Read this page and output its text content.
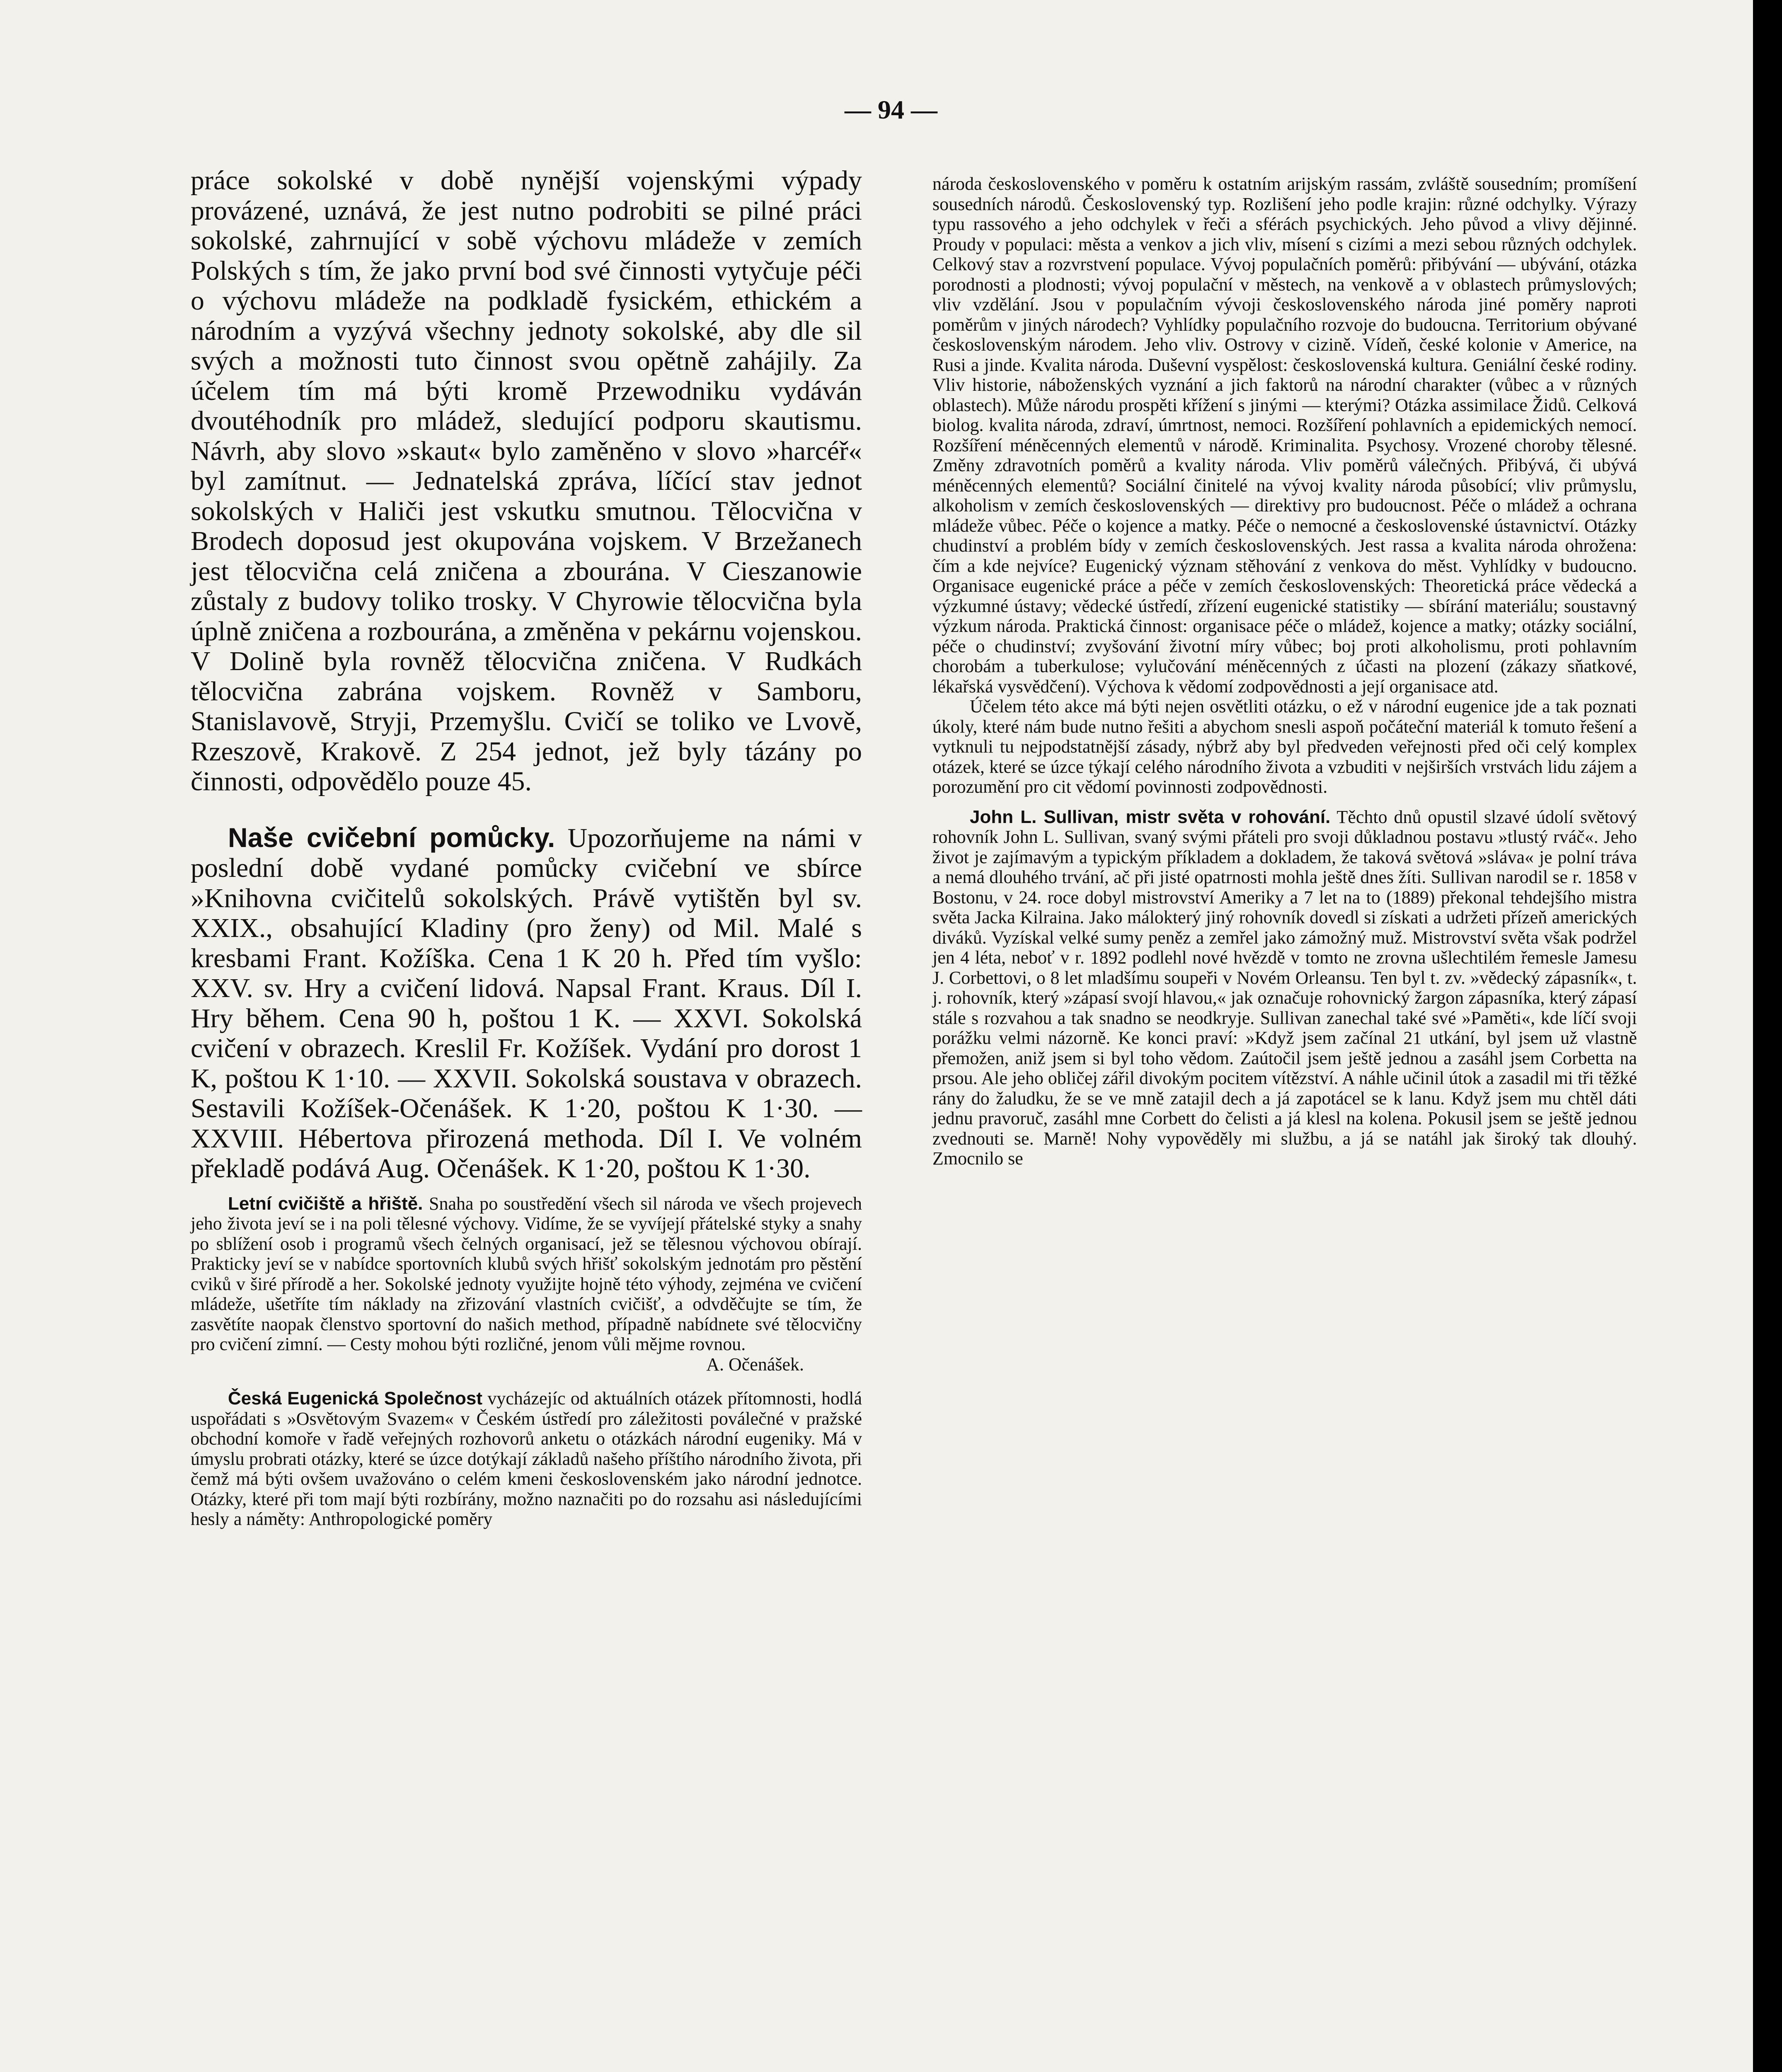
— 94 —

práce sokolské v době nynější vojenskými výpady provázené, uznává, že jest nutno podrobiti se pilné práci sokolské, zahrnující v sobě výchovu mládeže v zemích Polských s tím, že jako první bod své činnosti vytyčuje péči o výchovu mládeže na podkladě fysickém, ethickém a národním a vyzývá všechny jednoty sokolské, aby dle sil svých a možnosti tuto činnost svou opětně zahájily. Za účelem tím má býti kromě Przewodniku vydáván dvoutéhodník pro mládež, sledující podporu skautismu. Návrh, aby slovo »skaut« bylo zaměněno v slovo »harcéř« byl zamítnut. — Jednatelská zpráva, líčící stav jednot sokolských v Haliči jest vskutku smutnou. Tělocvična v Brodech doposud jest okupována vojskem. V Brzežanech jest tělocvična celá zničena a zbourána. V Cieszanowie zůstaly z budovy toliko trosky. V Chyrowie tělocvična byla úplně zničena a rozbourána, a změněna v pekárnu vojenskou. V Dolině byla rovněž tělocvična zničena. V Rudkách tělocvična zabrána vojskem. Rovněž v Samboru, Stanislavově, Stryji, Przemyšlu. Cvičí se toliko ve Lvově, Rzeszově, Krakově. Z 254 jednot, jež byly tázány po činnosti, odpovědělo pouze 45.

Naše cvičební pomůcky. Upozorňujeme na námi v poslední době vydané pomůcky cvičební ve sbírce »Knihovna cvičitelů sokolských. Právě vytištěn byl sv. XXIX., obsahující Kladiny (pro ženy) od Mil. Malé s kresbami Frant. Kožíška. Cena 1 K 20 h. Před tím vyšlo: XXV. sv. Hry a cvičení lidová. Napsal Frant. Kraus. Díl I. Hry během. Cena 90 h, poštou 1 K. — XXVI. Sokolská cvičení v obrazech. Kreslil Fr. Kožíšek. Vydání pro dorost 1 K, poštou K 1·10. — XXVII. Sokolská soustava v obrazech. Sestavili Kožíšek-Očenášek. K 1·20, poštou K 1·30. — XXVIII. Hébertova přirozená methoda. Díl I. Ve volném překladě podává Aug. Očenášek. K 1·20, poštou K 1·30.

Letní cvičiště a hřiště. Snaha po soustředění všech sil národa ve všech projevech jeho života jeví se i na poli tělesné výchovy. Vidíme, že se vyvíjejí přátelské styky a snahy po sblížení osob i programů všech čelných organisací, jež se tělesnou výchovou obírají. Prakticky jeví se v nabídce sportovních klubů svých hřišť sokolským jednotám pro pěstění cviků v širé přírodě a her. Sokolské jednoty využijte hojně této výhody, zejména ve cvičení mládeže, ušetříte tím náklady na zřizování vlastních cvičišť, a odvděčujte se tím, že zasvětíte naopak členstvo sportovní do našich method, případně nabídnete své tělocvičny pro cvičení zimní. — Cesty mohou býti rozličné, jenom vůli mějme rovnou.

A. Očenášek.

Česká Eugenická Společnost vycházejíc od aktuálních otázek přítomnosti, hodlá uspořádati s »Osvětovým Svazem« v Českém ústředí pro záležitosti poválečné v pražské obchodní komoře v řadě veřejných rozhovorů anketu o otázkách národní eugeniky. Má v úmyslu probrati otázky, které se úzce dotýkají základů našeho příštího národního života, při čemž má býti ovšem uvažováno o celém kmeni československém jako národní jednotce. Otázky, které při tom mají býti rozbírány, možno naznačiti po do rozsahu asi následujícími hesly a náměty: Anthropologické poměry

národa československého v poměru k ostatním arijským rassám, zvláště sousedním; promíšení sousedních národů. Československý typ. Rozlišení jeho podle krajin: různé odchylky. Výrazy typu rassového a jeho odchylek v řeči a sférách psychických. Jeho původ a vlivy dějinné. Proudy v populaci: města a venkov a jich vliv, mísení s cizími a mezi sebou různých odchylek. Celkový stav a rozvrstvení populace. Vývoj populačních poměrů: přibývání — ubývání, otázka porodnosti a plodnosti; vývoj populační v městech, na venkově a v oblastech průmyslových; vliv vzdělání. Jsou v populačním vývoji československého národa jiné poměry naproti poměrům v jiných národech? Vyhlídky populačního rozvoje do budoucna. Territorium obývané československým národem. Jeho vliv. Ostrovy v cizině. Vídeň, české kolonie v Americe, na Rusi a jinde. Kvalita národa. Duševní vyspělost: československá kultura. Geniální české rodiny. Vliv historie, náboženských vyznání a jich faktorů na národní charakter (vůbec a v různých oblastech). Může národu prospěti křížení s jinými — kterými? Otázka assimilace Židů. Celková biolog. kvalita národa, zdraví, úmrtnost, nemoci. Rozšíření pohlavních a epidemických nemocí. Rozšíření méněcenných elementů v národě. Kriminalita. Psychosy. Vrozené choroby tělesné. Změny zdravotních poměrů a kvality národa. Vliv poměrů válečných. Přibývá, či ubývá méněcenných elementů? Sociální činitelé na vývoj kvality národa působící; vliv průmyslu, alkoholism v zemích československých — direktivy pro budoucnost. Péče o mládež a ochrana mládeže vůbec. Péče o kojence a matky. Péče o nemocné a československé ústavnictví. Otázky chudinství a problém bídy v zemích československých. Jest rassa a kvalita národa ohrožena: čím a kde nejvíce? Eugenický význam stěhování z venkova do měst. Vyhlídky v budoucno. Organisace eugenické práce a péče v zemích československých: Theoretická práce vědecká a výzkumné ústavy; vědecké ústředí, zřízení eugenické statistiky — sbírání materiálu; soustavný výzkum národa. Praktická činnost: organisace péče o mládež, kojence a matky; otázky sociální, péče o chudinství; zvyšování životní míry vůbec; boj proti alkoholismu, proti pohlavním chorobám a tuberkulose; vylučování méněcenných z účasti na plození (zákazy sňatkové, lékařská vysvědčení). Výchova k vědomí zodpovědnosti a její organisace atd.

Účelem této akce má býti nejen osvětliti otázku, o ež v národní eugenice jde a tak poznati úkoly, které nám bude nutno řešiti a abychom snesli aspoň počáteční materiál k tomuto řešení a vytknuli tu nejpodstatnější zásady, nýbrž aby byl předveden veřejnosti před oči celý komplex otázek, které se úzce týkají celého národního života a vzbuditi v nejširších vrstvách lidu zájem a porozumění pro cit vědomí povinnosti zodpovědnosti.

John L. Sullivan, mistr světa v rohování. Těchto dnů opustil slzavé údolí světový rohovník John L. Sullivan, svaný svými přáteli pro svoji důkladnou postavu »tlustý rváč«. Jeho život je zajímavým a typickým příkladem a dokladem, že taková světová »sláva« je polní tráva a nemá dlouhého trvání, ač při jisté opatrnosti mohla ještě dnes žíti. Sullivan narodil se r. 1858 v Bostonu, v 24. roce dobyl mistrovství Ameriky a 7 let na to (1889) překonal tehdejšího mistra světa Jacka Kilraina. Jako málokterý jiný rohovník dovedl si získati a udržeti přízeň amerických diváků. Vyzískal velké sumy peněz a zemřel jako zámožný muž. Mistrovství světa však podržel jen 4 léta, neboť v r. 1892 podlehl nové hvězdě v tomto ne zrovna ušlechtilém řemesle Jamesu J. Corbettovi, o 8 let mladšímu soupeři v Novém Orleansu. Ten byl t. zv. »vědecký zápasník«, t. j. rohovník, který »zápasí svojí hlavou,« jak označuje rohovnický žargon zápasníka, který zápasí stále s rozvahou a tak snadno se neodkryje. Sullivan zanechal také své »Paměti«, kde líčí svoji porážku velmi názorně. Ke konci praví: »Když jsem začínal 21 utkání, byl jsem už vlastně přemožen, aniž jsem si byl toho vědom. Zaútočil jsem ještě jednou a zasáhl jsem Corbetta na prsou. Ale jeho obličej zářil divokým pocitem vítězství. A náhle učinil útok a zasadil mi tři těžké rány do žaludku, že se ve mně zatajil dech a já zapotácel se k lanu. Když jsem mu chtěl dáti jednu pravoruč, zasáhl mne Corbett do čelisti a já klesl na kolena. Pokusil jsem se ještě jednou zvednouti se. Marně! Nohy vypověděly mi službu, a já se natáhl jak široký tak dlouhý. Zmocnilo se
